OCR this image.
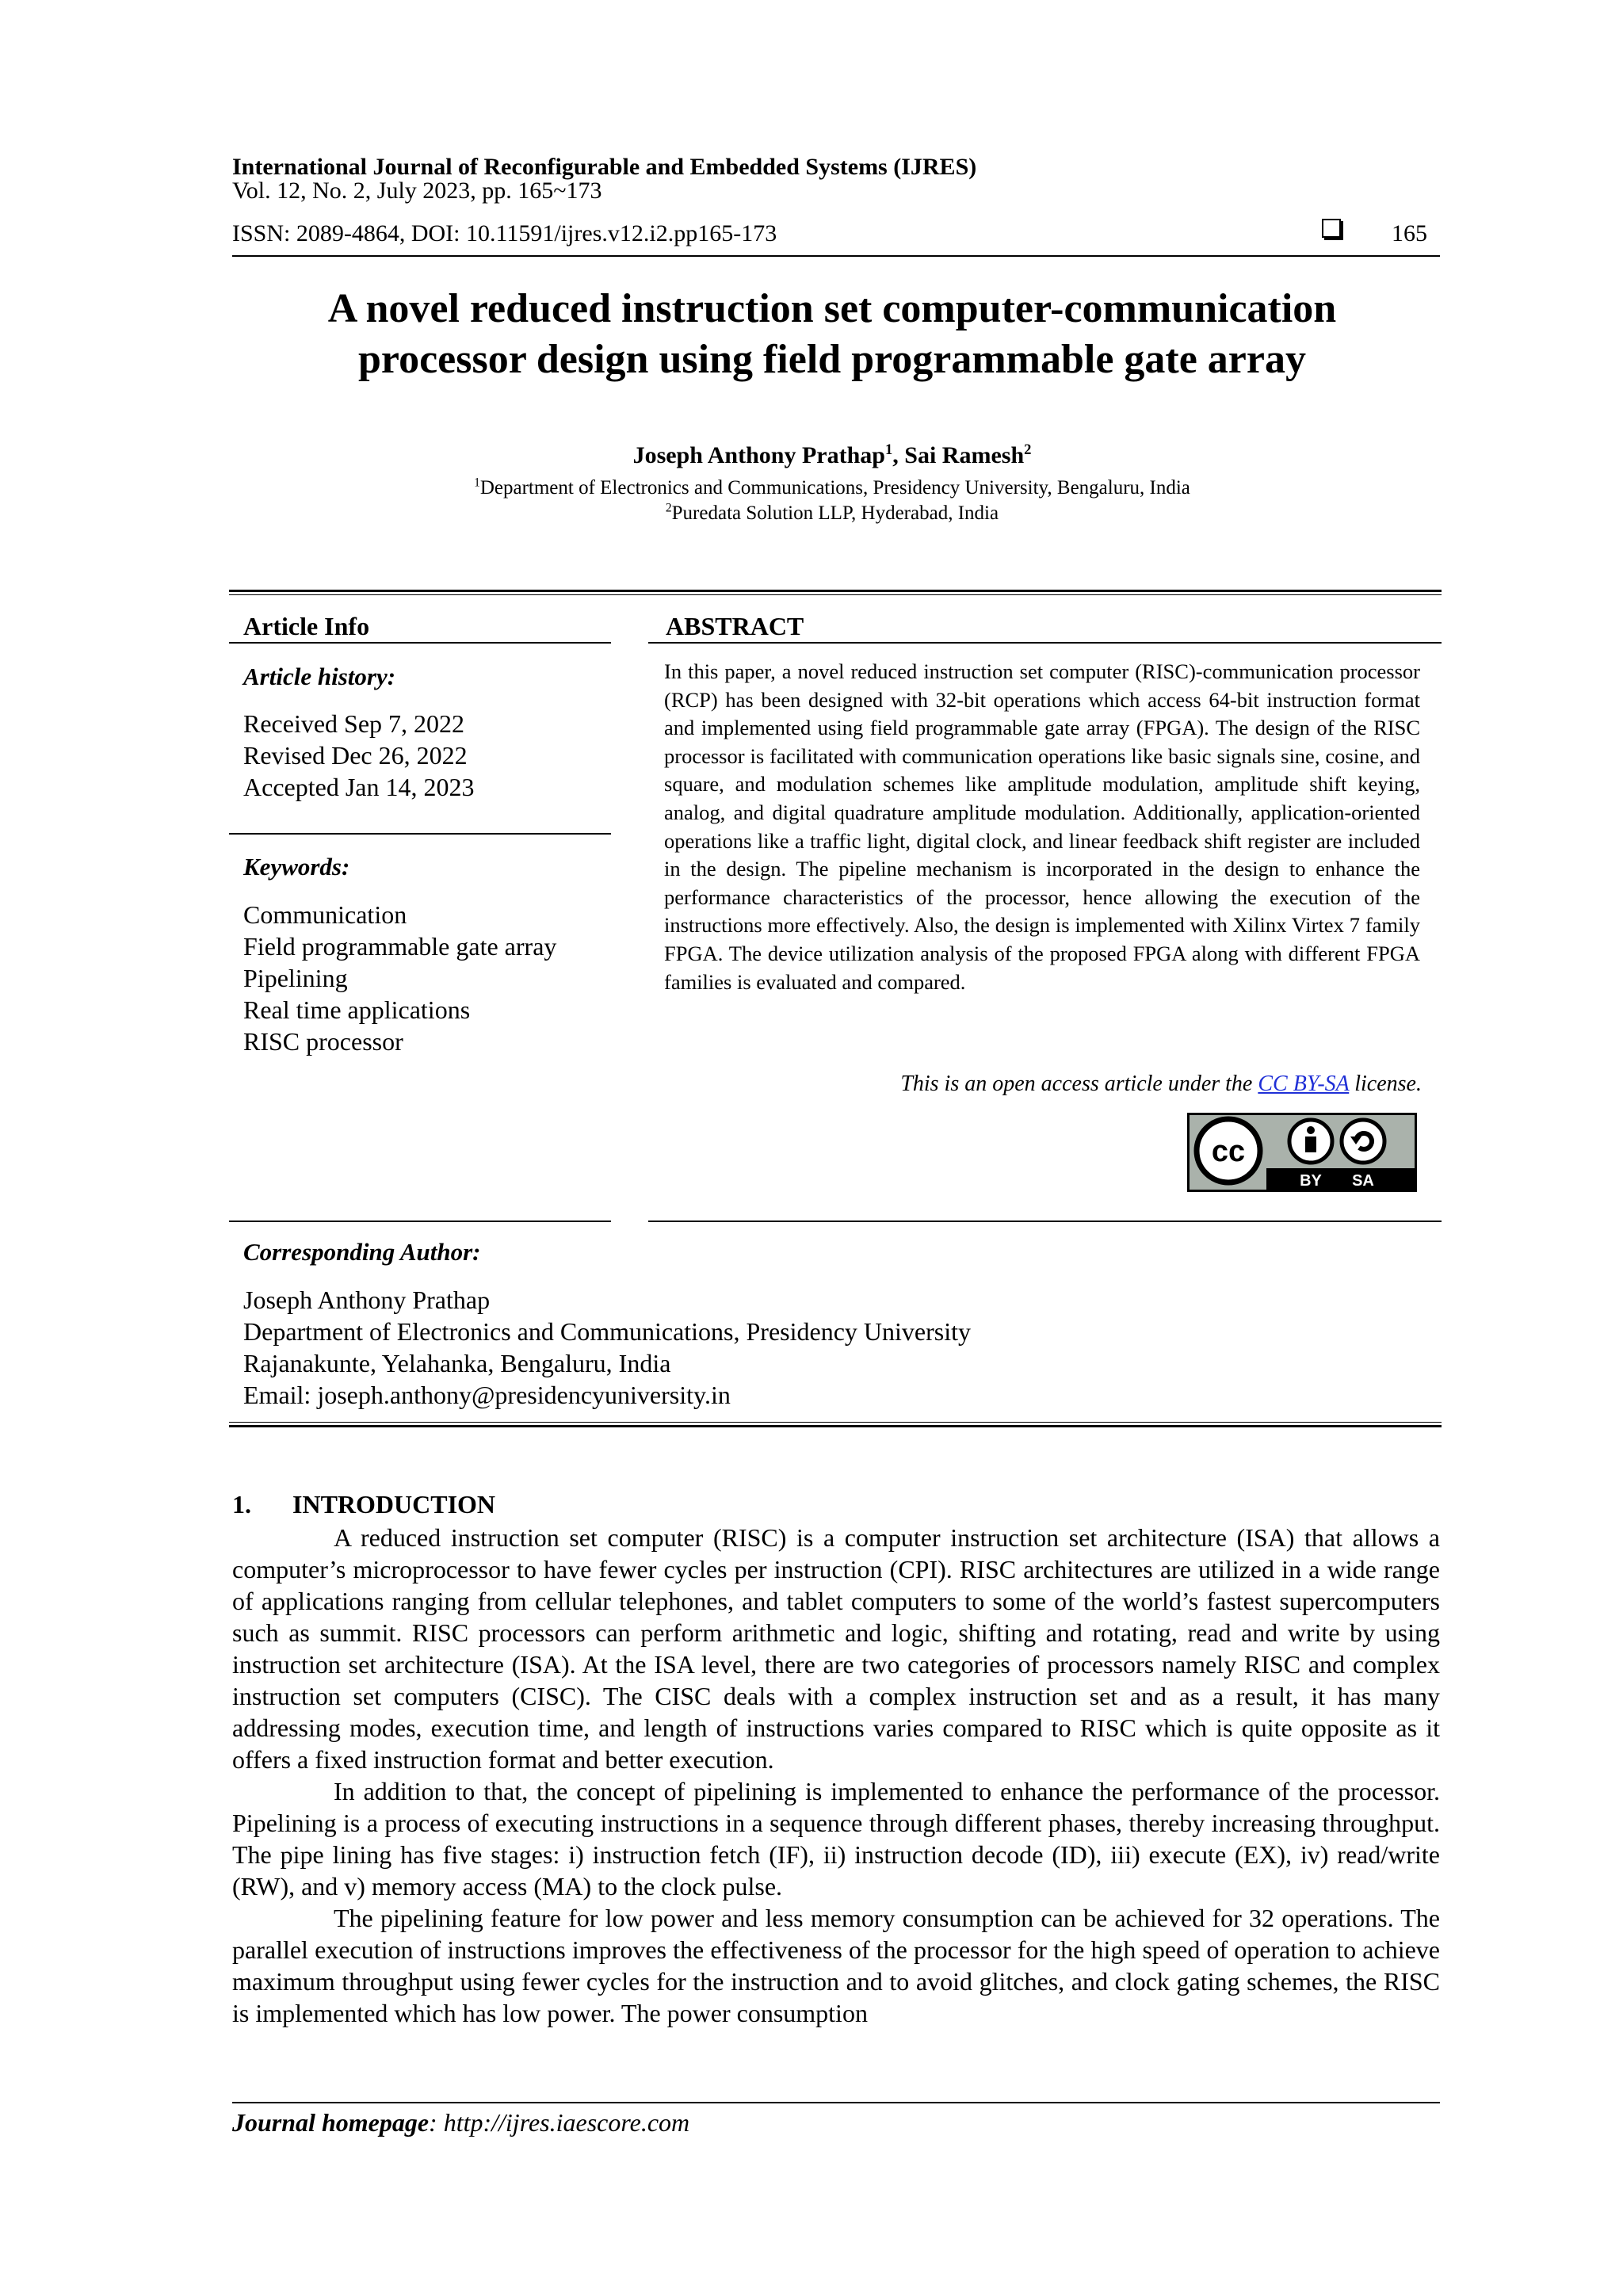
International Journal of Reconfigurable and Embedded Systems (IJRES)
Vol. 12, No. 2, July 2023, pp. 165~173
ISSN: 2089-4864, DOI: 10.11591/ijres.v12.i2.pp165-173	165
A novel reduced instruction set computer-communication
processor design using field programmable gate array
Joseph Anthony Prathap$^1$, Sai Ramesh$^2$
$^1$Department of Electronics and Communications, Presidency University, Bengaluru, India
$^2$Puredata Solution LLP, Hyderabad, India
Article Info
Article history:
Received Sep 7, 2022
Revised Dec 26, 2022
Accepted Jan 14, 2023
Keywords:
Communication
Field programmable gate array
Pipelining
Real time applications
RISC processor
ABSTRACT
In this paper, a novel reduced instruction set computer (RISC)-communication processor (RCP) has been designed with 32-bit operations which access 64-bit instruction format and implemented using field programmable gate array (FPGA). The design of the RISC processor is facilitated with communication operations like basic signals sine, cosine, and square, and modulation schemes like amplitude modulation, amplitude shift keying, analog, and digital quadrature amplitude modulation. Additionally, application-oriented operations like a traffic light, digital clock, and linear feedback shift register are included in the design. The pipeline mechanism is incorporated in the design to enhance the performance characteristics of the processor, hence allowing the execution of the instructions more effectively. Also, the design is implemented with Xilinx Virtex 7 family FPGA. The device utilization analysis of the proposed FPGA along with different FPGA families is evaluated and compared.
This is an open access article under the CC BY-SA license.
cc
BY SA
Corresponding Author:
Joseph Anthony Prathap
Department of Electronics and Communications, Presidency University
Rajanakunte, Yelahanka, Bengaluru, India
Email: joseph.anthony@presidencyuniversity.in
1. INTRODUCTION

A reduced instruction set computer (RISC) is a computer instruction set architecture (ISA) that allows a computer’s microprocessor to have fewer cycles per instruction (CPI). RISC architectures are utilized in a wide range of applications ranging from cellular telephones, and tablet computers to some of the world’s fastest supercomputers such as summit. RISC processors can perform arithmetic and logic, shifting and rotating, read and write by using instruction set architecture (ISA). At the ISA level, there are two categories of processors namely RISC and complex instruction set computers (CISC). The CISC deals with a complex instruction set and as a result, it has many addressing modes, execution time, and length of instructions varies compared to RISC which is quite opposite as it offers a fixed instruction format and better execution.

In addition to that, the concept of pipelining is implemented to enhance the performance of the processor. Pipelining is a process of executing instructions in a sequence through different phases, thereby increasing throughput. The pipe lining has five stages: i) instruction fetch (IF), ii) instruction decode (ID), iii) execute (EX), iv) read/write (RW), and v) memory access (MA) to the clock pulse.

The pipelining feature for low power and less memory consumption can be achieved for 32 operations. The parallel execution of instructions improves the effectiveness of the processor for the high speed of operation to achieve maximum throughput using fewer cycles for the instruction and to avoid glitches, and clock gating schemes, the RISC is implemented which has low power. The power consumption

Journal homepage: http://ijres.iaescore.com
